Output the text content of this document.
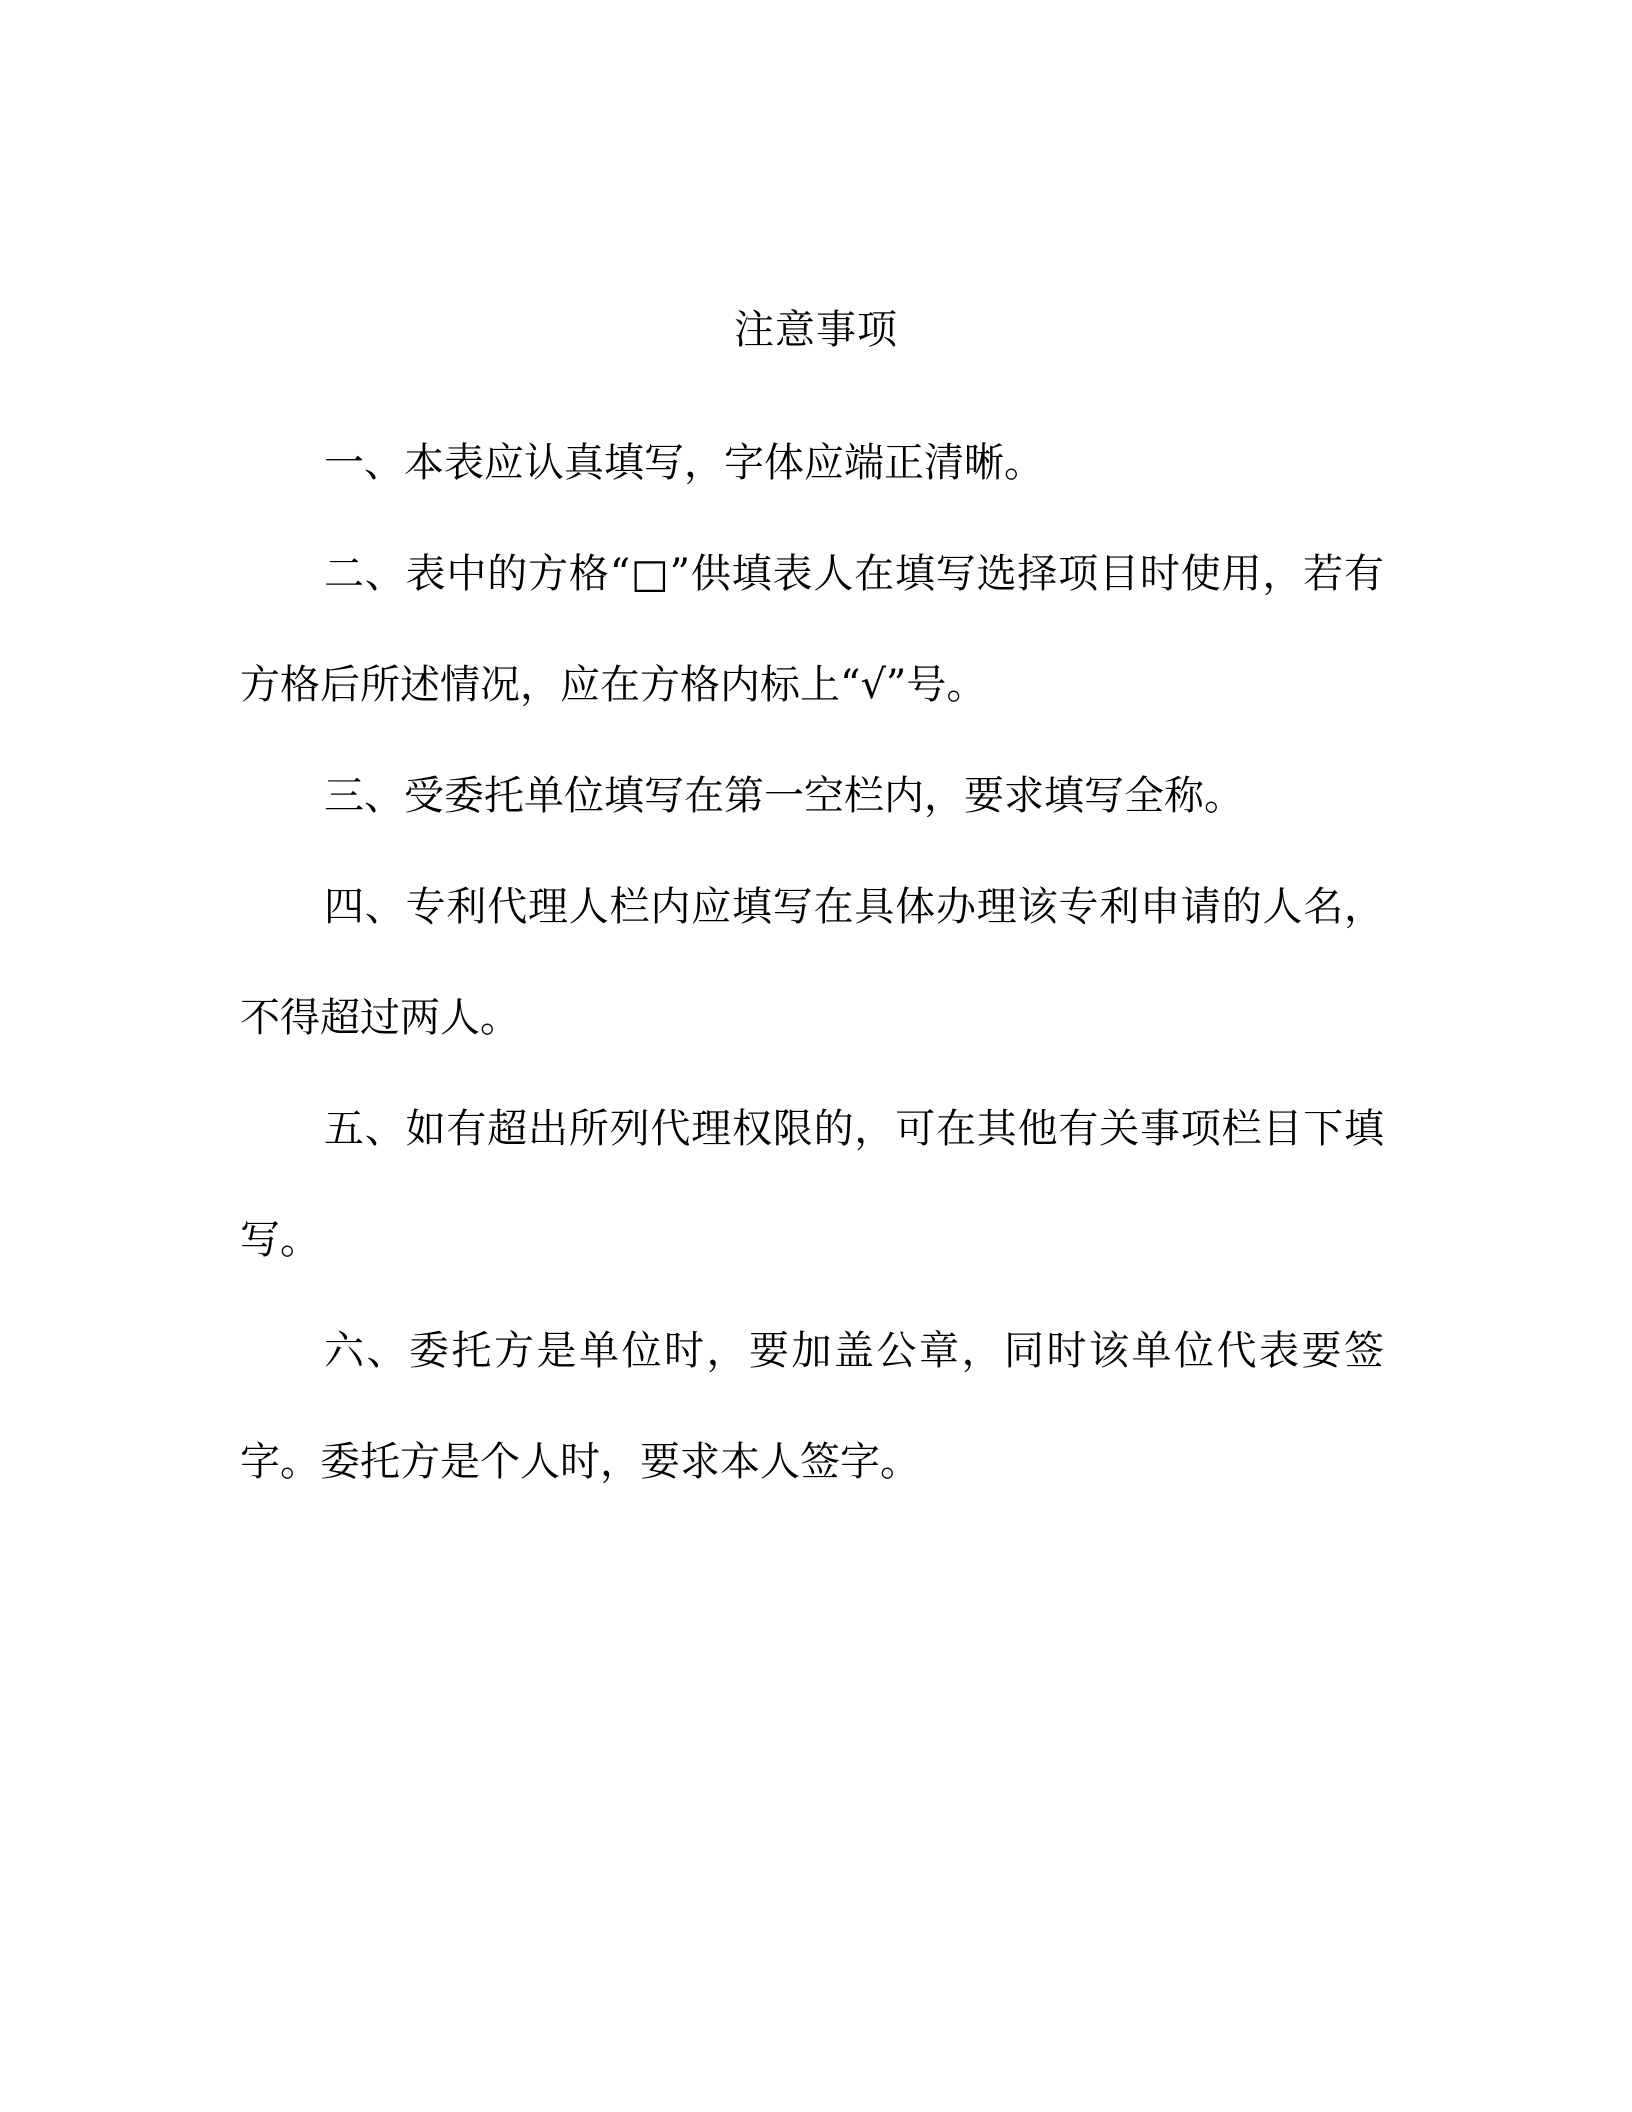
注意事项

一、本表应认真填写，字体应端正清晰。

二、表中的方格“□”供填表人在填写选择项目时使用，若有方格后所述情况，应在方格内标上“√”号。

三、受委托单位填写在第一空栏内，要求填写全称。

四、专利代理人栏内应填写在具体办理该专利申请的人名，不得超过两人。

五、如有超出所列代理权限的，可在其他有关事项栏目下填写。

六、委托方是单位时，要加盖公章，同时该单位代表要签字。委托方是个人时，要求本人签字。
